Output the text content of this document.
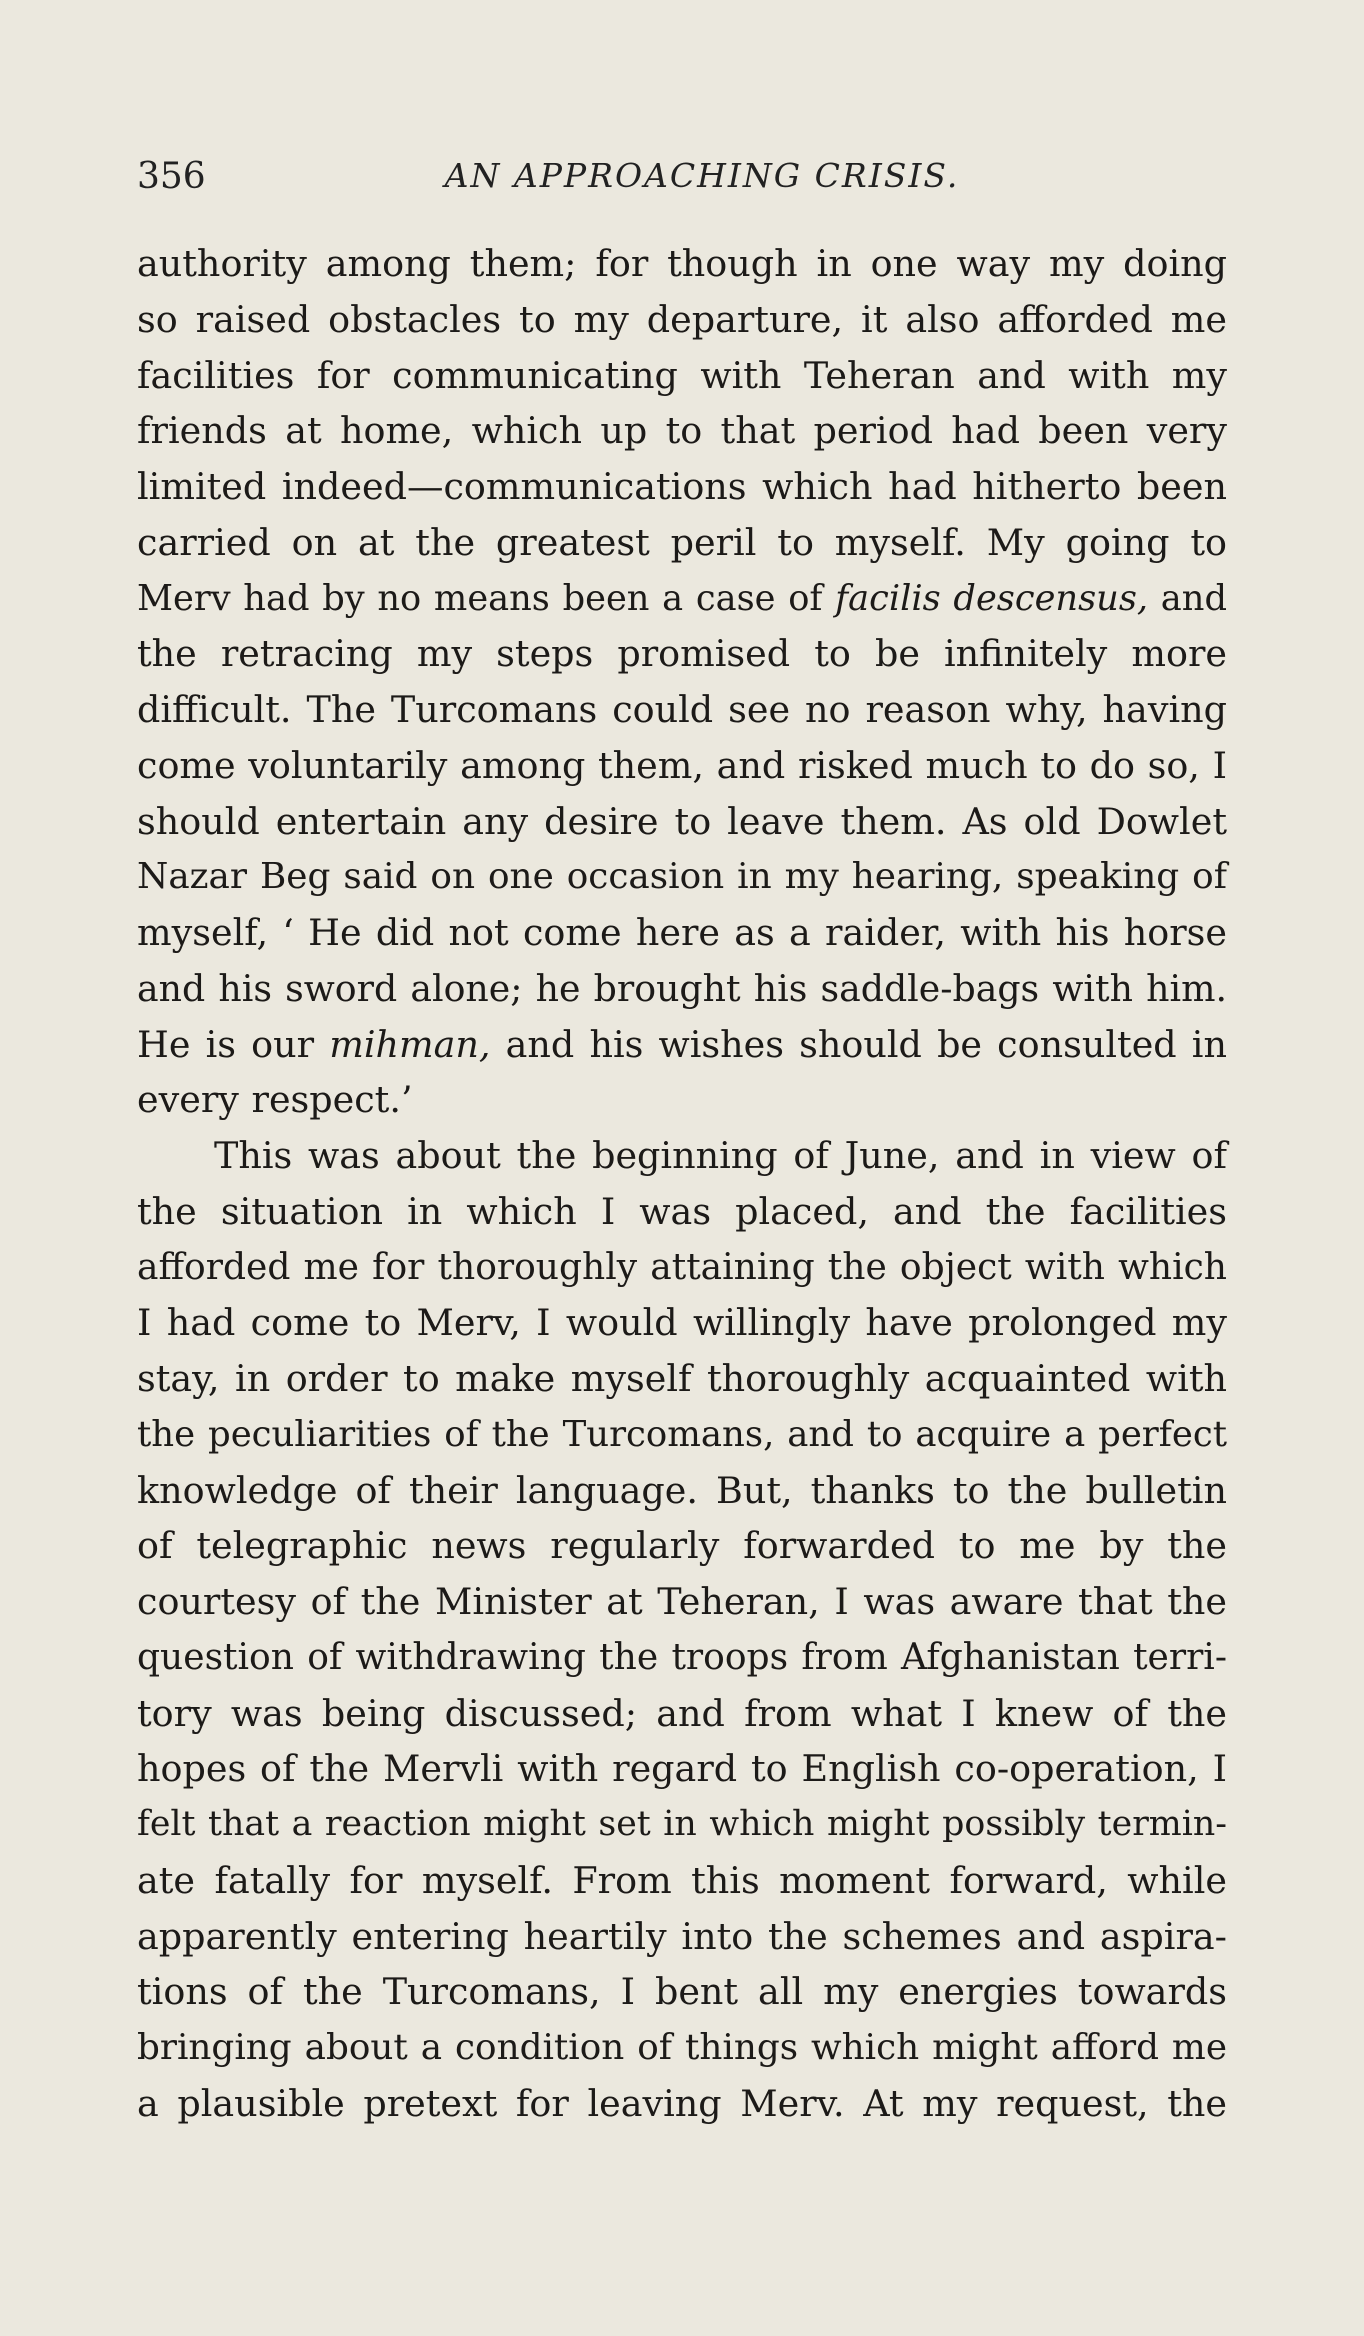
356	AN APPROACHING CRISIS.
authority among them; for though in one way my doing
so raised obstacles to my departure, it also afforded me
facilities for communicating with Teheran and with my
friends at home, which up to that period had been very
limited indeed—communications which had hitherto been
carried on at the greatest peril to myself. My going to
Merv had by no means been a case of facilis descensus, and
the retracing my steps promised to be infinitely more
difficult. The Turcomans could see no reason why, having
come voluntarily among them, and risked much to do so, I
should entertain any desire to leave them. As old Dowlet
Nazar Beg said on one occasion in my hearing, speaking of
myself, ‘ He did not come here as a raider, with his horse
and his sword alone; he brought his saddle-bags with him.
He is our mihman, and his wishes should be consulted in
every respect.’
This was about the beginning of June, and in view of
the situation in which I was placed, and the facilities
afforded me for thoroughly attaining the object with which
I had come to Merv, I would willingly have prolonged my
stay, in order to make myself thoroughly acquainted with
the peculiarities of the Turcomans, and to acquire a perfect
knowledge of their language. But, thanks to the bulletin
of telegraphic news regularly forwarded to me by the
courtesy of the Minister at Teheran, I was aware that the
question of withdrawing the troops from Afghanistan terri-
tory was being discussed; and from what I knew of the
hopes of the Mervli with regard to English co-operation, I
felt that a reaction might set in which might possibly termin-
ate fatally for myself. From this moment forward, while
apparently entering heartily into the schemes and aspira-
tions of the Turcomans, I bent all my energies towards
bringing about a condition of things which might afford me
a plausible pretext for leaving Merv. At my request, the
